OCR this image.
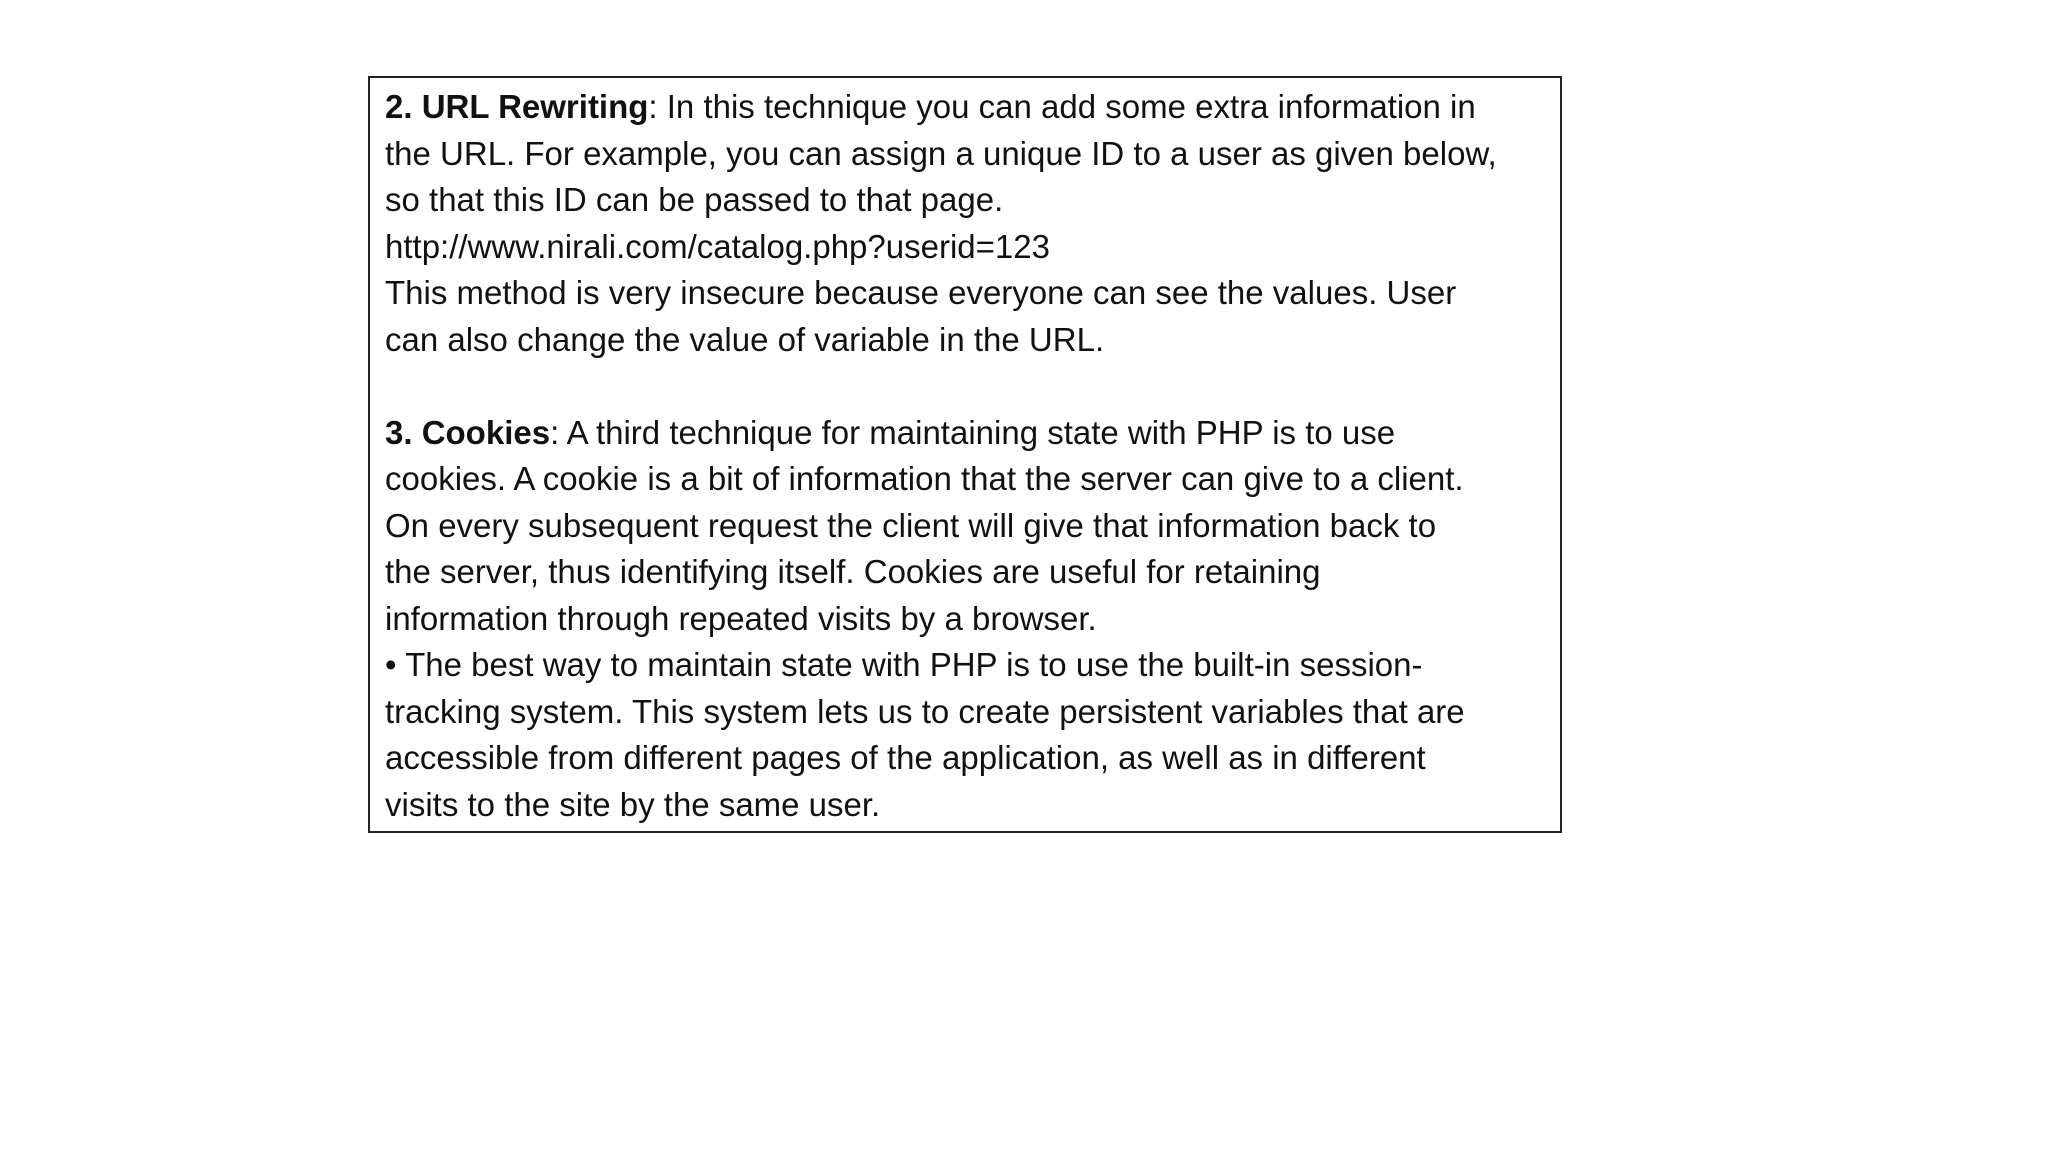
2. URL Rewriting: In this technique you can add some extra information in
the URL. For example, you can assign a unique ID to a user as given below,
so that this ID can be passed to that page.
http://www.nirali.com/catalog.php?userid=123
This method is very insecure because everyone can see the values. User
can also change the value of variable in the URL.

3. Cookies: A third technique for maintaining state with PHP is to use
cookies. A cookie is a bit of information that the server can give to a client.
On every subsequent request the client will give that information back to
the server, thus identifying itself. Cookies are useful for retaining
information through repeated visits by a browser.

• The best way to maintain state with PHP is to use the built-in session-
tracking system. This system lets us to create persistent variables that are
accessible from different pages of the application, as well as in different
visits to the site by the same user.
